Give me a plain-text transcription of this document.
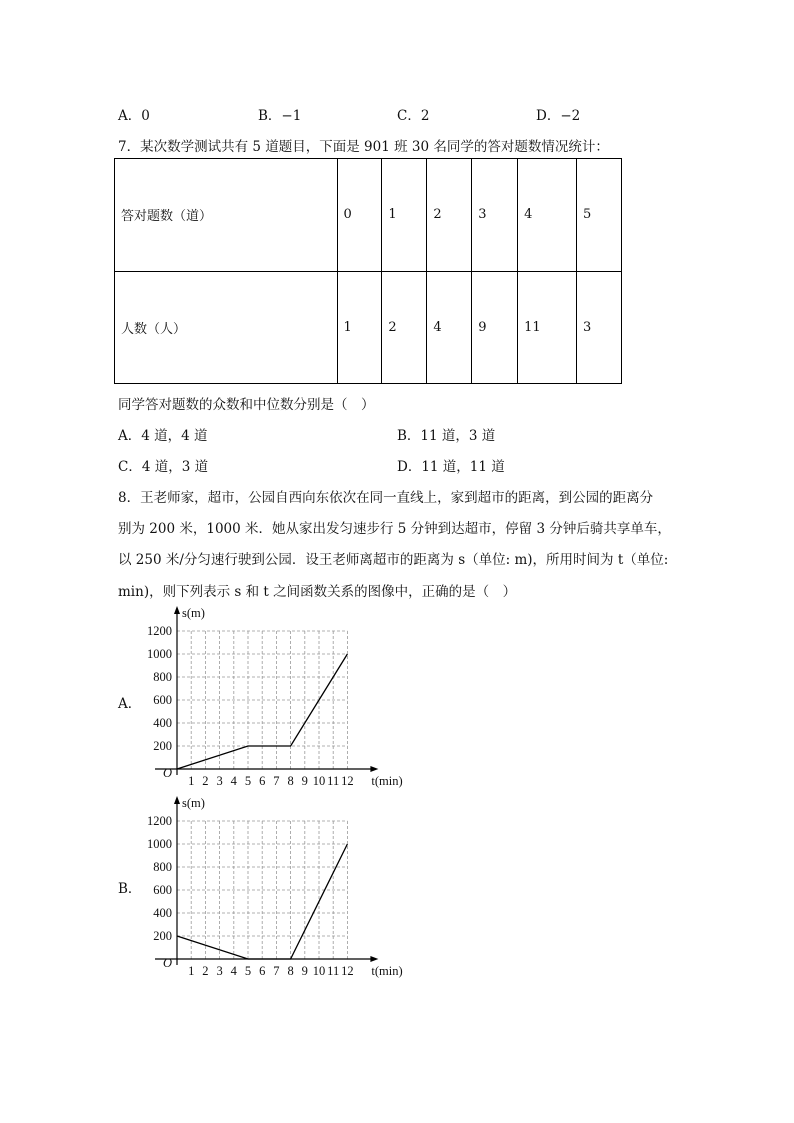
A．0	B．−1	C．2	D．−2
7．某次数学测试共有 5 道题目，下面是 901 班 30 名同学的答对题数情况统计：
答对题数（道）	0	1	2	3	4	5
人数（人）	1	2	4	9	11	3
同学答对题数的众数和中位数分别是（　）
A．4 道，4 道	B．11 道，3 道
C．4 道，3 道	D．11 道，11 道
8．王老师家，超市，公园自西向东依次在同一直线上，家到超市的距离，到公园的距离分
别为 200 米，1000 米．她从家出发匀速步行 5 分钟到达超市，停留 3 分钟后骑共享单车，
以 250 米/分匀速行驶到公园．设王老师离超市的距离为 s（单位: m)，所用时间为 t（单位:
min)，则下列表示 s 和 t 之间函数关系的图像中，正确的是（　）
A．
B．
200
400
600
800
1000
1200
1 2 3 4 5 6 7 8 9 10 11 12
O
s(m)
t(min)
200
400
600
800
1000
1200
1 2 3 4 5 6 7 8 9 10 11 12
O
s(m)
t(min)
